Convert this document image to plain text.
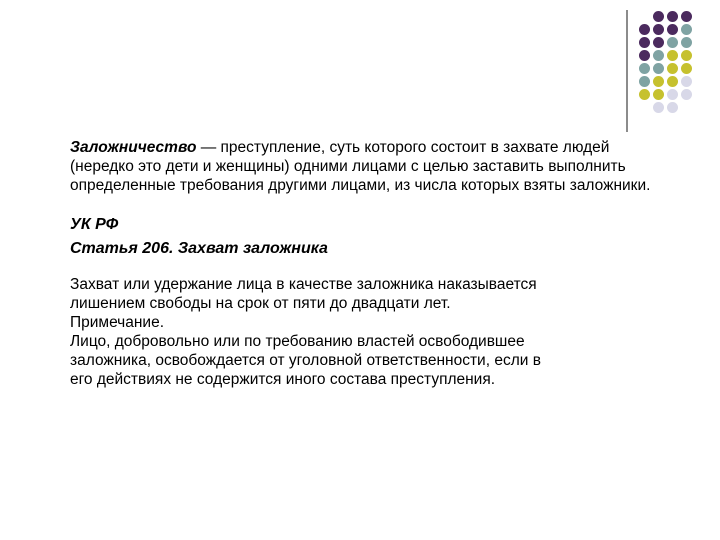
Заложничество — преступление, суть которого состоит в захвате людей (нередко это дети и женщины) одними лицами с целью заставить выполнить определенные требования другими лицами, из числа которых взяты заложники.

УК РФ

Статья 206. Захват заложника

Захват или удержание лица в качестве заложника наказывается
лишением свободы на срок от пяти до двадцати лет.
Примечание.
Лицо, добровольно или по требованию властей освободившее
заложника, освобождается от уголовной ответственности, если в
его действиях не содержится иного состава преступления.
